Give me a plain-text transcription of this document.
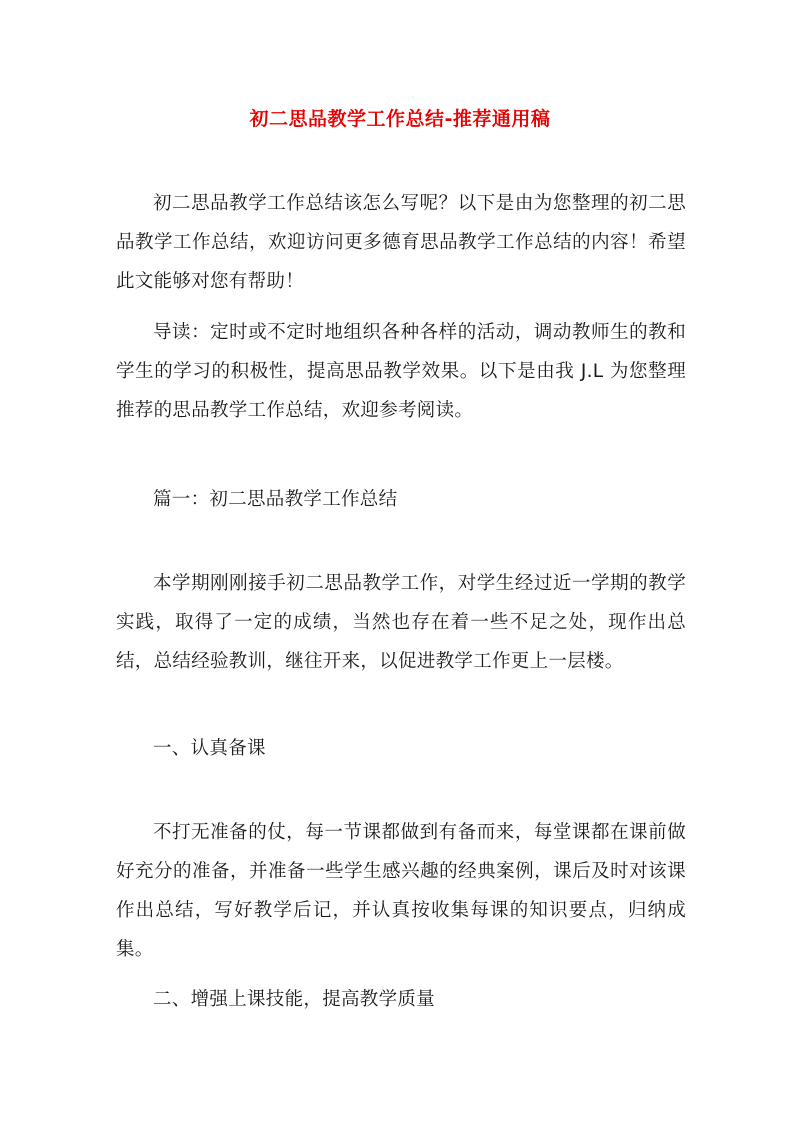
初二思品教学工作总结-推荐通用稿

初二思品教学工作总结该怎么写呢？以下是由为您整理的初二思品教学工作总结，欢迎访问更多德育思品教学工作总结的内容！希望此文能够对您有帮助！

导读：定时或不定时地组织各种各样的活动，调动教师生的教和学生的学习的积极性，提高思品教学效果。以下是由我 J.L 为您整理推荐的思品教学工作总结，欢迎参考阅读。

篇一：初二思品教学工作总结

本学期刚刚接手初二思品教学工作，对学生经过近一学期的教学实践，取得了一定的成绩，当然也存在着一些不足之处，现作出总结，总结经验教训，继往开来，以促进教学工作更上一层楼。

一、认真备课

不打无准备的仗，每一节课都做到有备而来，每堂课都在课前做好充分的准备，并准备一些学生感兴趣的经典案例，课后及时对该课作出总结，写好教学后记，并认真按收集每课的知识要点，归纳成集。

二、增强上课技能，提高教学质量
